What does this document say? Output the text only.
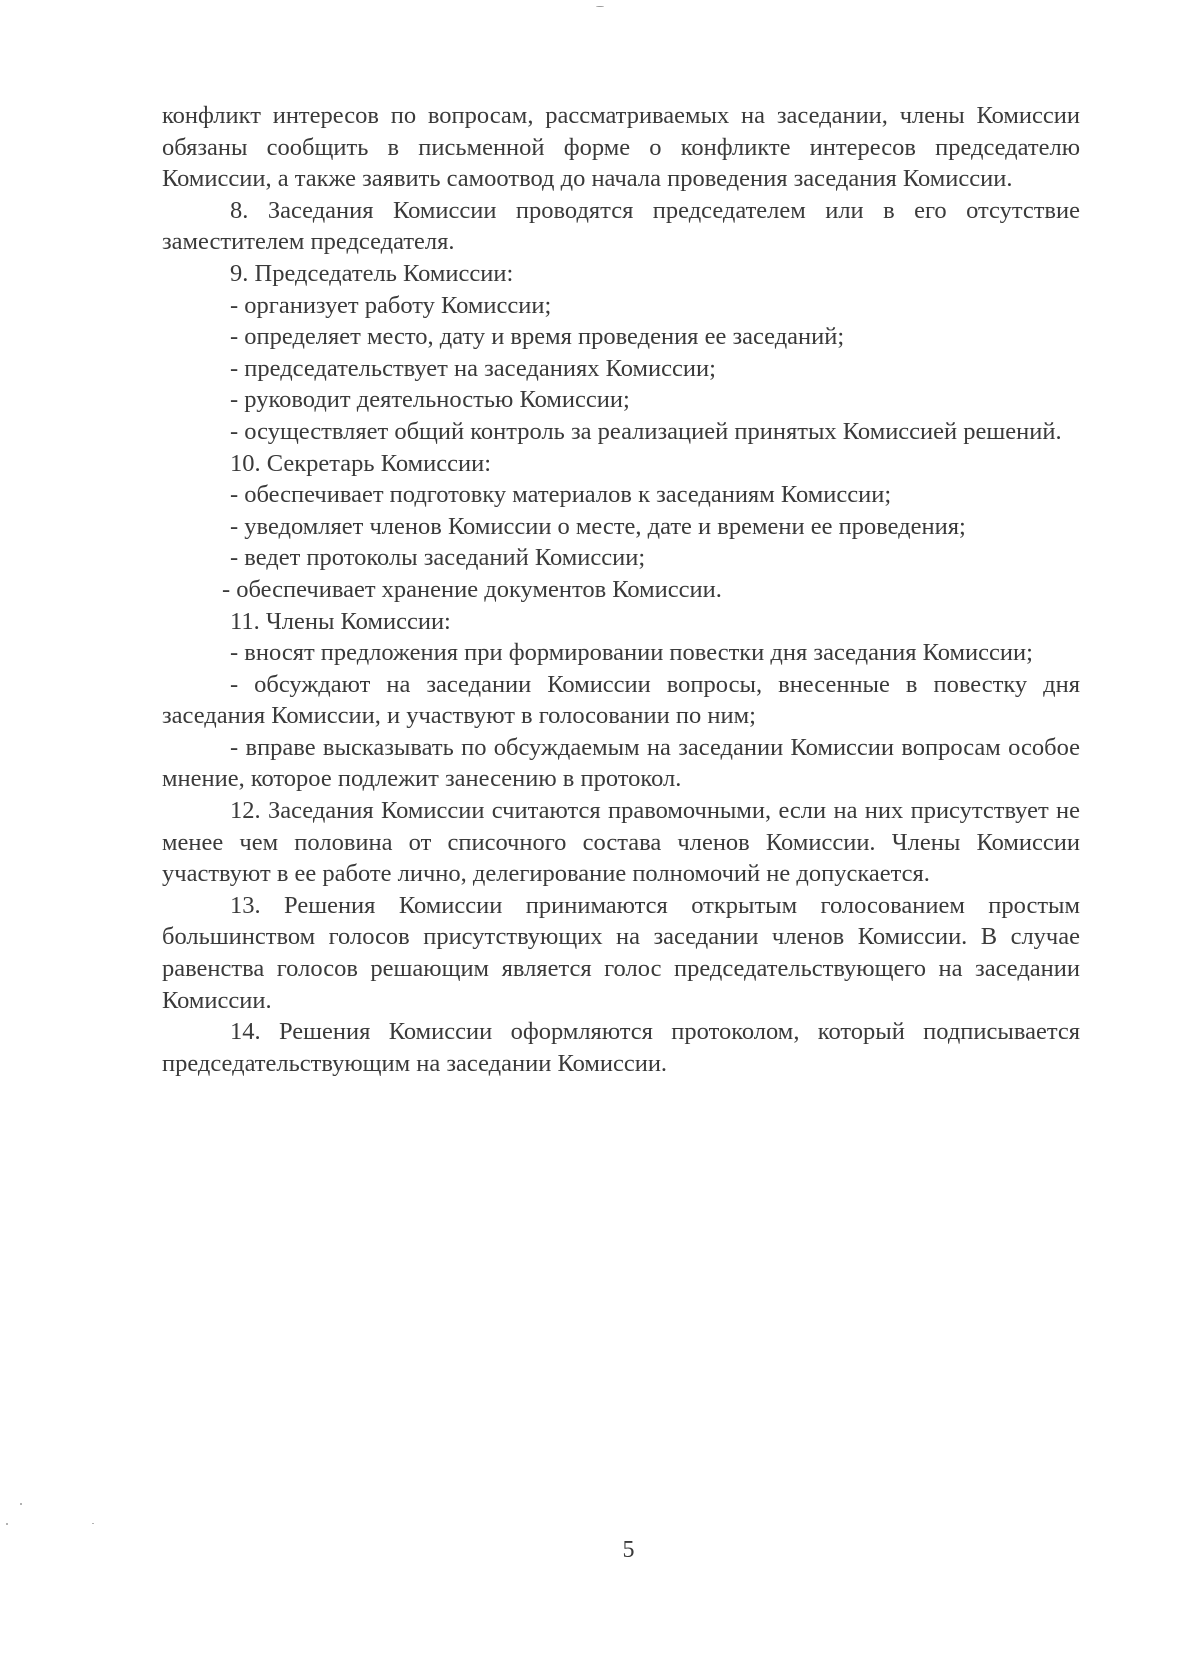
конфликт интересов по вопросам, рассматриваемых на заседании, члены Комиссии обязаны сообщить в письменной форме о конфликте интересов председателю Комиссии, а также заявить самоотвод до начала проведения заседания Комиссии.

8. Заседания Комиссии проводятся председателем или в его отсутствие заместителем председателя.

9. Председатель Комиссии:

- организует работу Комиссии;

- определяет место, дату и время проведения ее заседаний;

- председательствует на заседаниях Комиссии;

- руководит деятельностью Комиссии;

- осуществляет общий контроль за реализацией принятых Комиссией решений.

10. Секретарь Комиссии:

- обеспечивает подготовку материалов к заседаниям Комиссии;

- уведомляет членов Комиссии о месте, дате и времени ее проведения;

- ведет протоколы заседаний Комиссии;

- обеспечивает хранение документов Комиссии.

11. Члены Комиссии:

- вносят предложения при формировании повестки дня заседания Комиссии;

- обсуждают на заседании Комиссии вопросы, внесенные в повестку дня заседания Комиссии, и участвуют в голосовании по ним;

- вправе высказывать по обсуждаемым на заседании Комиссии вопросам особое мнение, которое подлежит занесению в протокол.

12. Заседания Комиссии считаются правомочными, если на них присутствует не менее чем половина от списочного состава членов Комиссии. Члены Комиссии участвуют в ее работе лично, делегирование полномочий не допускается.

13. Решения Комиссии принимаются открытым голосованием простым большинством голосов присутствующих на заседании членов Комиссии. В случае равенства голосов решающим является голос председательствующего на заседании Комиссии.

14. Решения Комиссии оформляются протоколом, который подписывается председательствующим на заседании Комиссии.

5
